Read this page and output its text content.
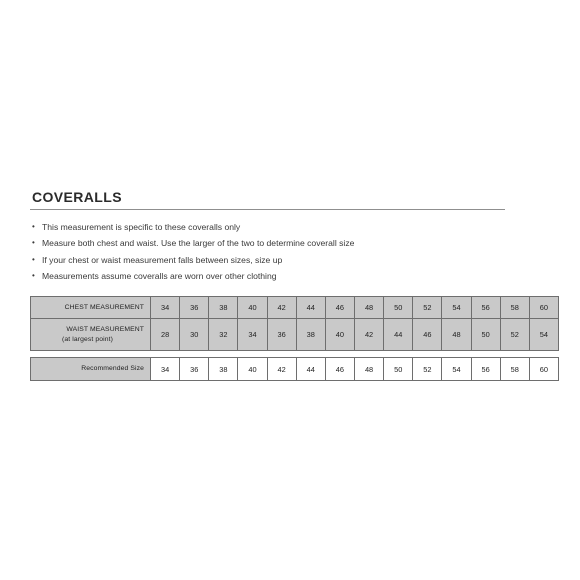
COVERALLS
• This measurement is specific to these coveralls only
• Measure both chest and waist. Use the larger of the two to determine coverall size
• If your chest or waist measurement falls between sizes, size up
• Measurements assume coveralls are worn over other clothing
CHEST MEASUREMENT	34	36	38	40	42	44	46	48	50	52	54	56	58	60
WAIST MEASUREMENT
(at largest point)	28	30	32	34	36	38	40	42	44	46	48	50	52	54

Recommended Size	34	36	38	40	42	44	46	48	50	52	54	56	58	60
